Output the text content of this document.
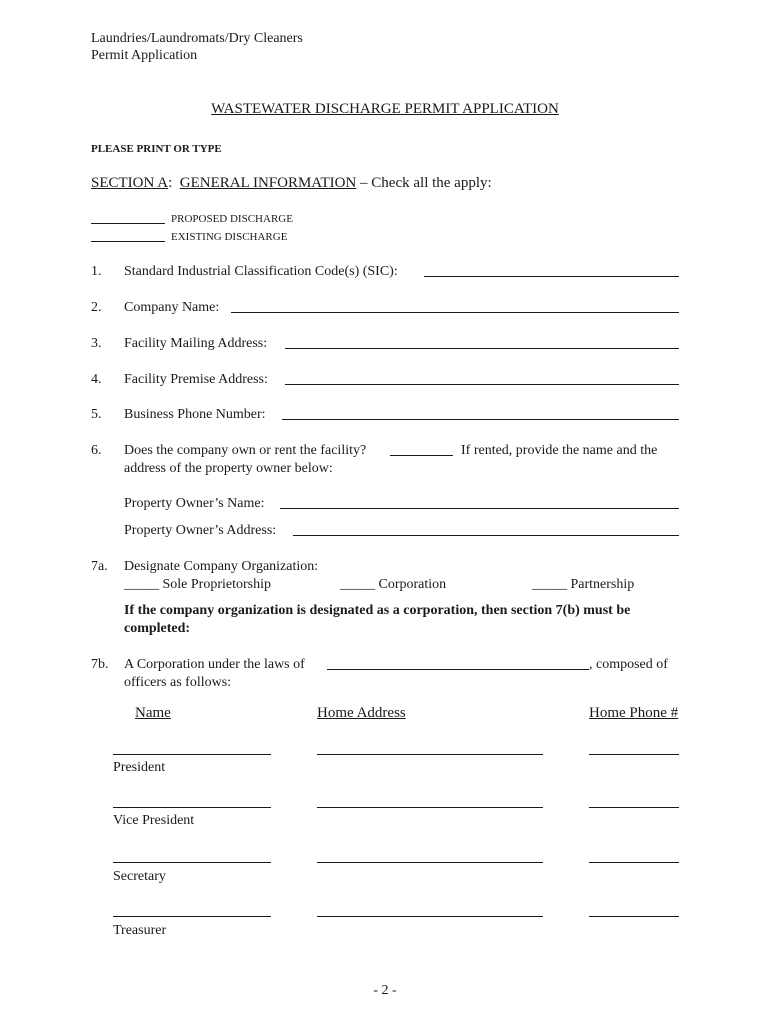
Laundries/Laundromats/Dry Cleaners
Permit Application
WASTEWATER DISCHARGE PERMIT APPLICATION
PLEASE PRINT OR TYPE
SECTION A: GENERAL INFORMATION – Check all the apply:
PROPOSED DISCHARGE
EXISTING DISCHARGE
1. Standard Industrial Classification Code(s) (SIC):
2. Company Name:
3. Facility Mailing Address:
4. Facility Premise Address:
5. Business Phone Number:
6. Does the company own or rent the facility?	If rented, provide the name and the
address of the property owner below:
Property Owner’s Name:
Property Owner’s Address:
7a. Designate Company Organization:
_____ Sole Proprietorship	_____ Corporation	_____ Partnership
If the company organization is designated as a corporation, then section 7(b) must be
completed:
7b. A Corporation under the laws of	, composed of
officers as follows:
Name	Home Address	Home Phone #
President
Vice President
Secretary
Treasurer
- 2 -
